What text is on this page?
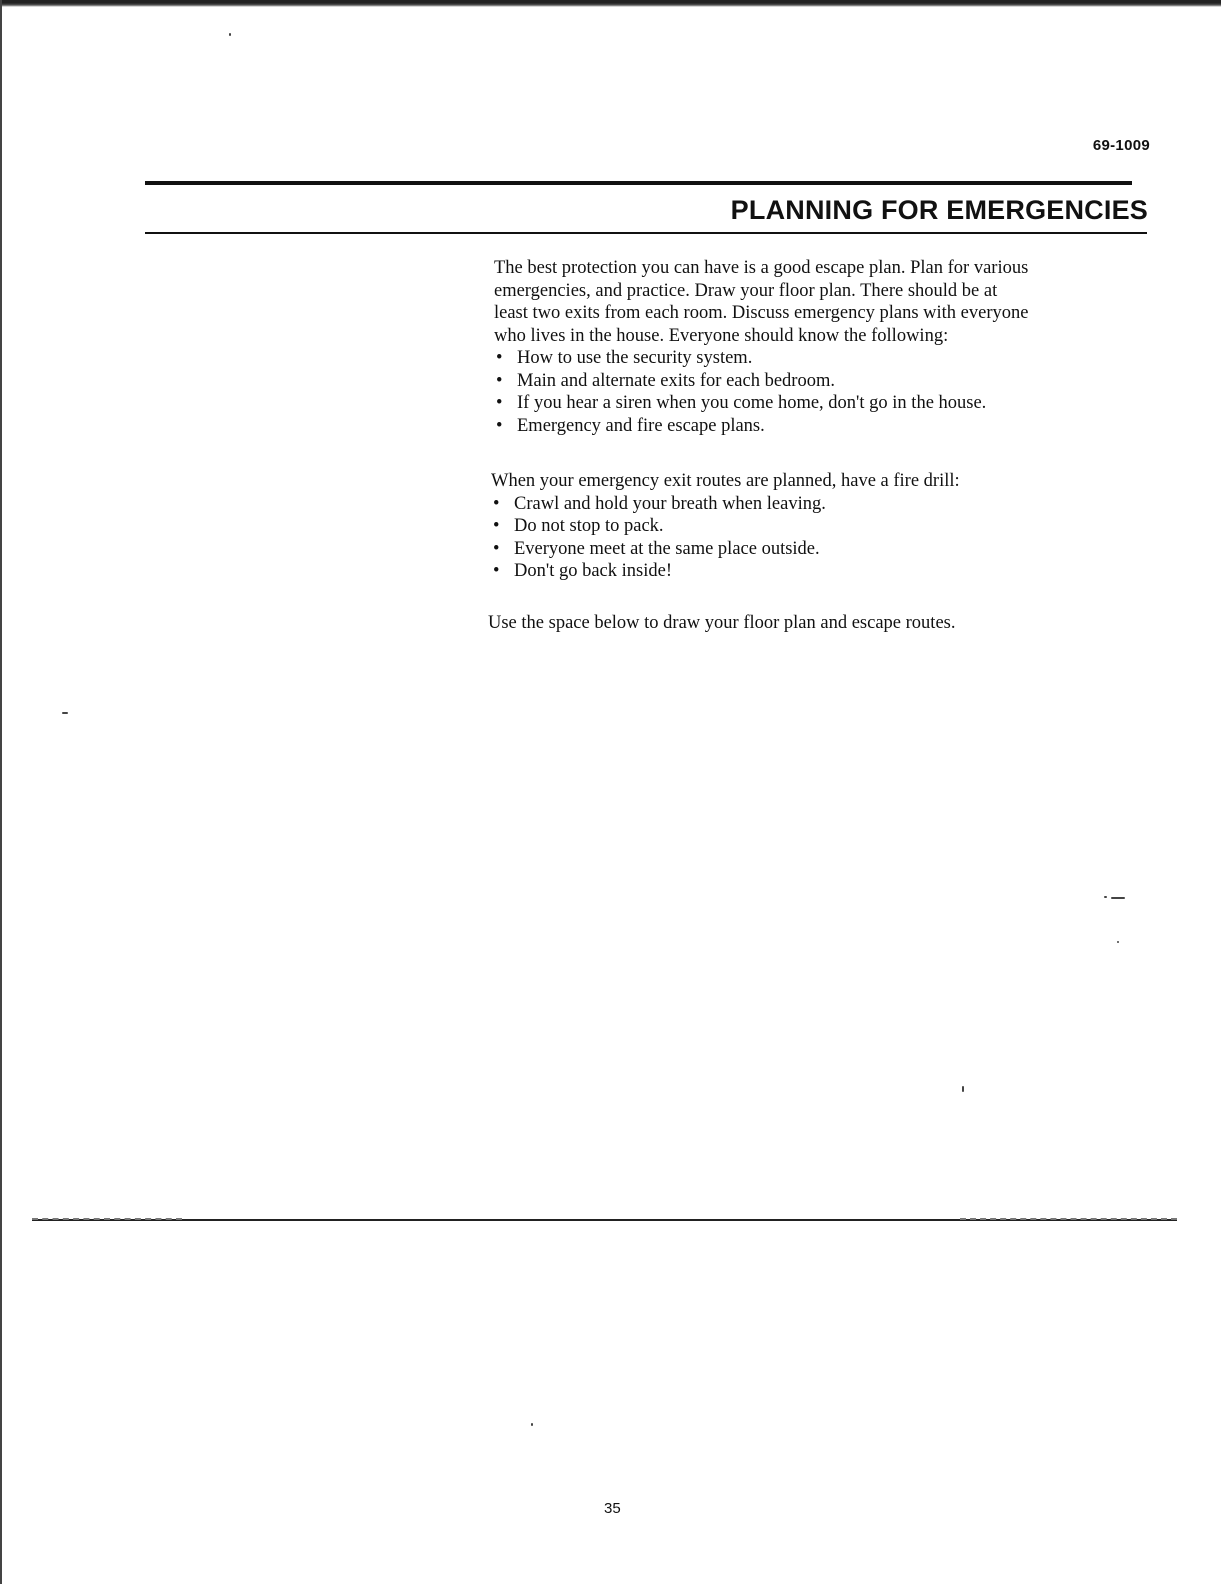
69-1009
PLANNING FOR EMERGENCIES

The best protection you can have is a good escape plan. Plan for various

emergencies, and practice. Draw your floor plan. There should be at

least two exits from each room. Discuss emergency plans with everyone

who lives in the house. Everyone should know the following:

• How to use the security system.
• Main and alternate exits for each bedroom.
• If you hear a siren when you come home, don't go in the house.
• Emergency and fire escape plans.

When your emergency exit routes are planned, have a fire drill:

• Crawl and hold your breath when leaving.
• Do not stop to pack.
• Everyone meet at the same place outside.
• Don't go back inside!

Use the space below to draw your floor plan and escape routes.

35
